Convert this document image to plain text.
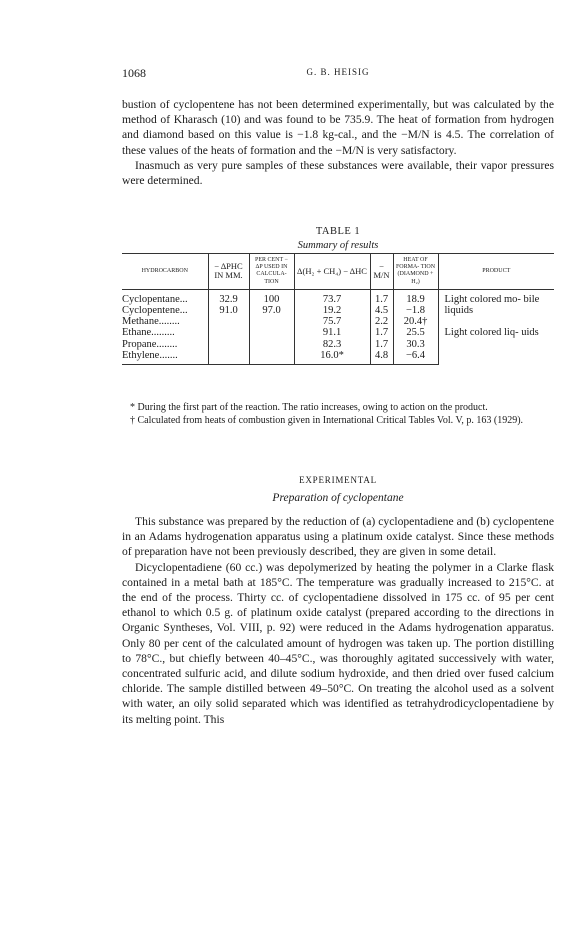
1068	G. B. HEISIG

bustion of cyclopentene has not been determined experimentally, but was calculated by the method of Kharasch (10) and was found to be 735.9. The heat of formation from hydrogen and diamond based on this value is −1.8 kg-cal., and the −M/N is 4.5. The correlation of these values of the heats of formation and the −M/N is very satisfactory.

Inasmuch as very pure samples of these substances were available, their vapor pressures were determined.

TABLE 1
Summary of results
HYDROCARBON	− ΔPHC IN MM.	PER CENT − ΔP USED IN CALCULA- TION	Δ(H₂ + CH₄) − ΔHC	− M/N	HEAT OF FORMA- TION (DIAMOND + H₂)	PRODUCT
Cyclopentane...	32.9	100	73.7	1.7	18.9	Light colored mo- bile liquids
Cyclopentene...	91.0	97.0	19.2	4.5	−1.8	
Methane........			75.7	2.2	20.4†	
Ethane.........			91.1	1.7	25.5	Light colored liq- uids
Propane........			82.3	1.7	30.3	
Ethylene.......			16.0*	4.8	−6.4	

* During the first part of the reaction. The ratio increases, owing to action on the product.

† Calculated from heats of combustion given in International Critical Tables Vol. V, p. 163 (1929).

EXPERIMENTAL
Preparation of cyclopentane

This substance was prepared by the reduction of (a) cyclopentadiene and (b) cyclopentene in an Adams hydrogenation apparatus using a platinum oxide catalyst. Since these methods of preparation have not been previously described, they are given in some detail.

Dicyclopentadiene (60 cc.) was depolymerized by heating the polymer in a Clarke flask contained in a metal bath at 185°C. The temperature was gradually increased to 215°C. at the end of the process. Thirty cc. of cyclopentadiene dissolved in 175 cc. of 95 per cent ethanol to which 0.5 g. of platinum oxide catalyst (prepared according to the directions in Organic Syntheses, Vol. VIII, p. 92) were reduced in the Adams hydrogenation apparatus. Only 80 per cent of the calculated amount of hydrogen was taken up. The portion distilling to 78°C., but chiefly between 40–45°C., was thoroughly agitated successively with water, concentrated sulfuric acid, and dilute sodium hydroxide, and then dried over fused calcium chloride. The sample distilled between 49–50°C. On treating the alcohol used as a solvent with water, an oily solid separated which was identified as tetrahydrodicyclopentadiene by its melting point. This
